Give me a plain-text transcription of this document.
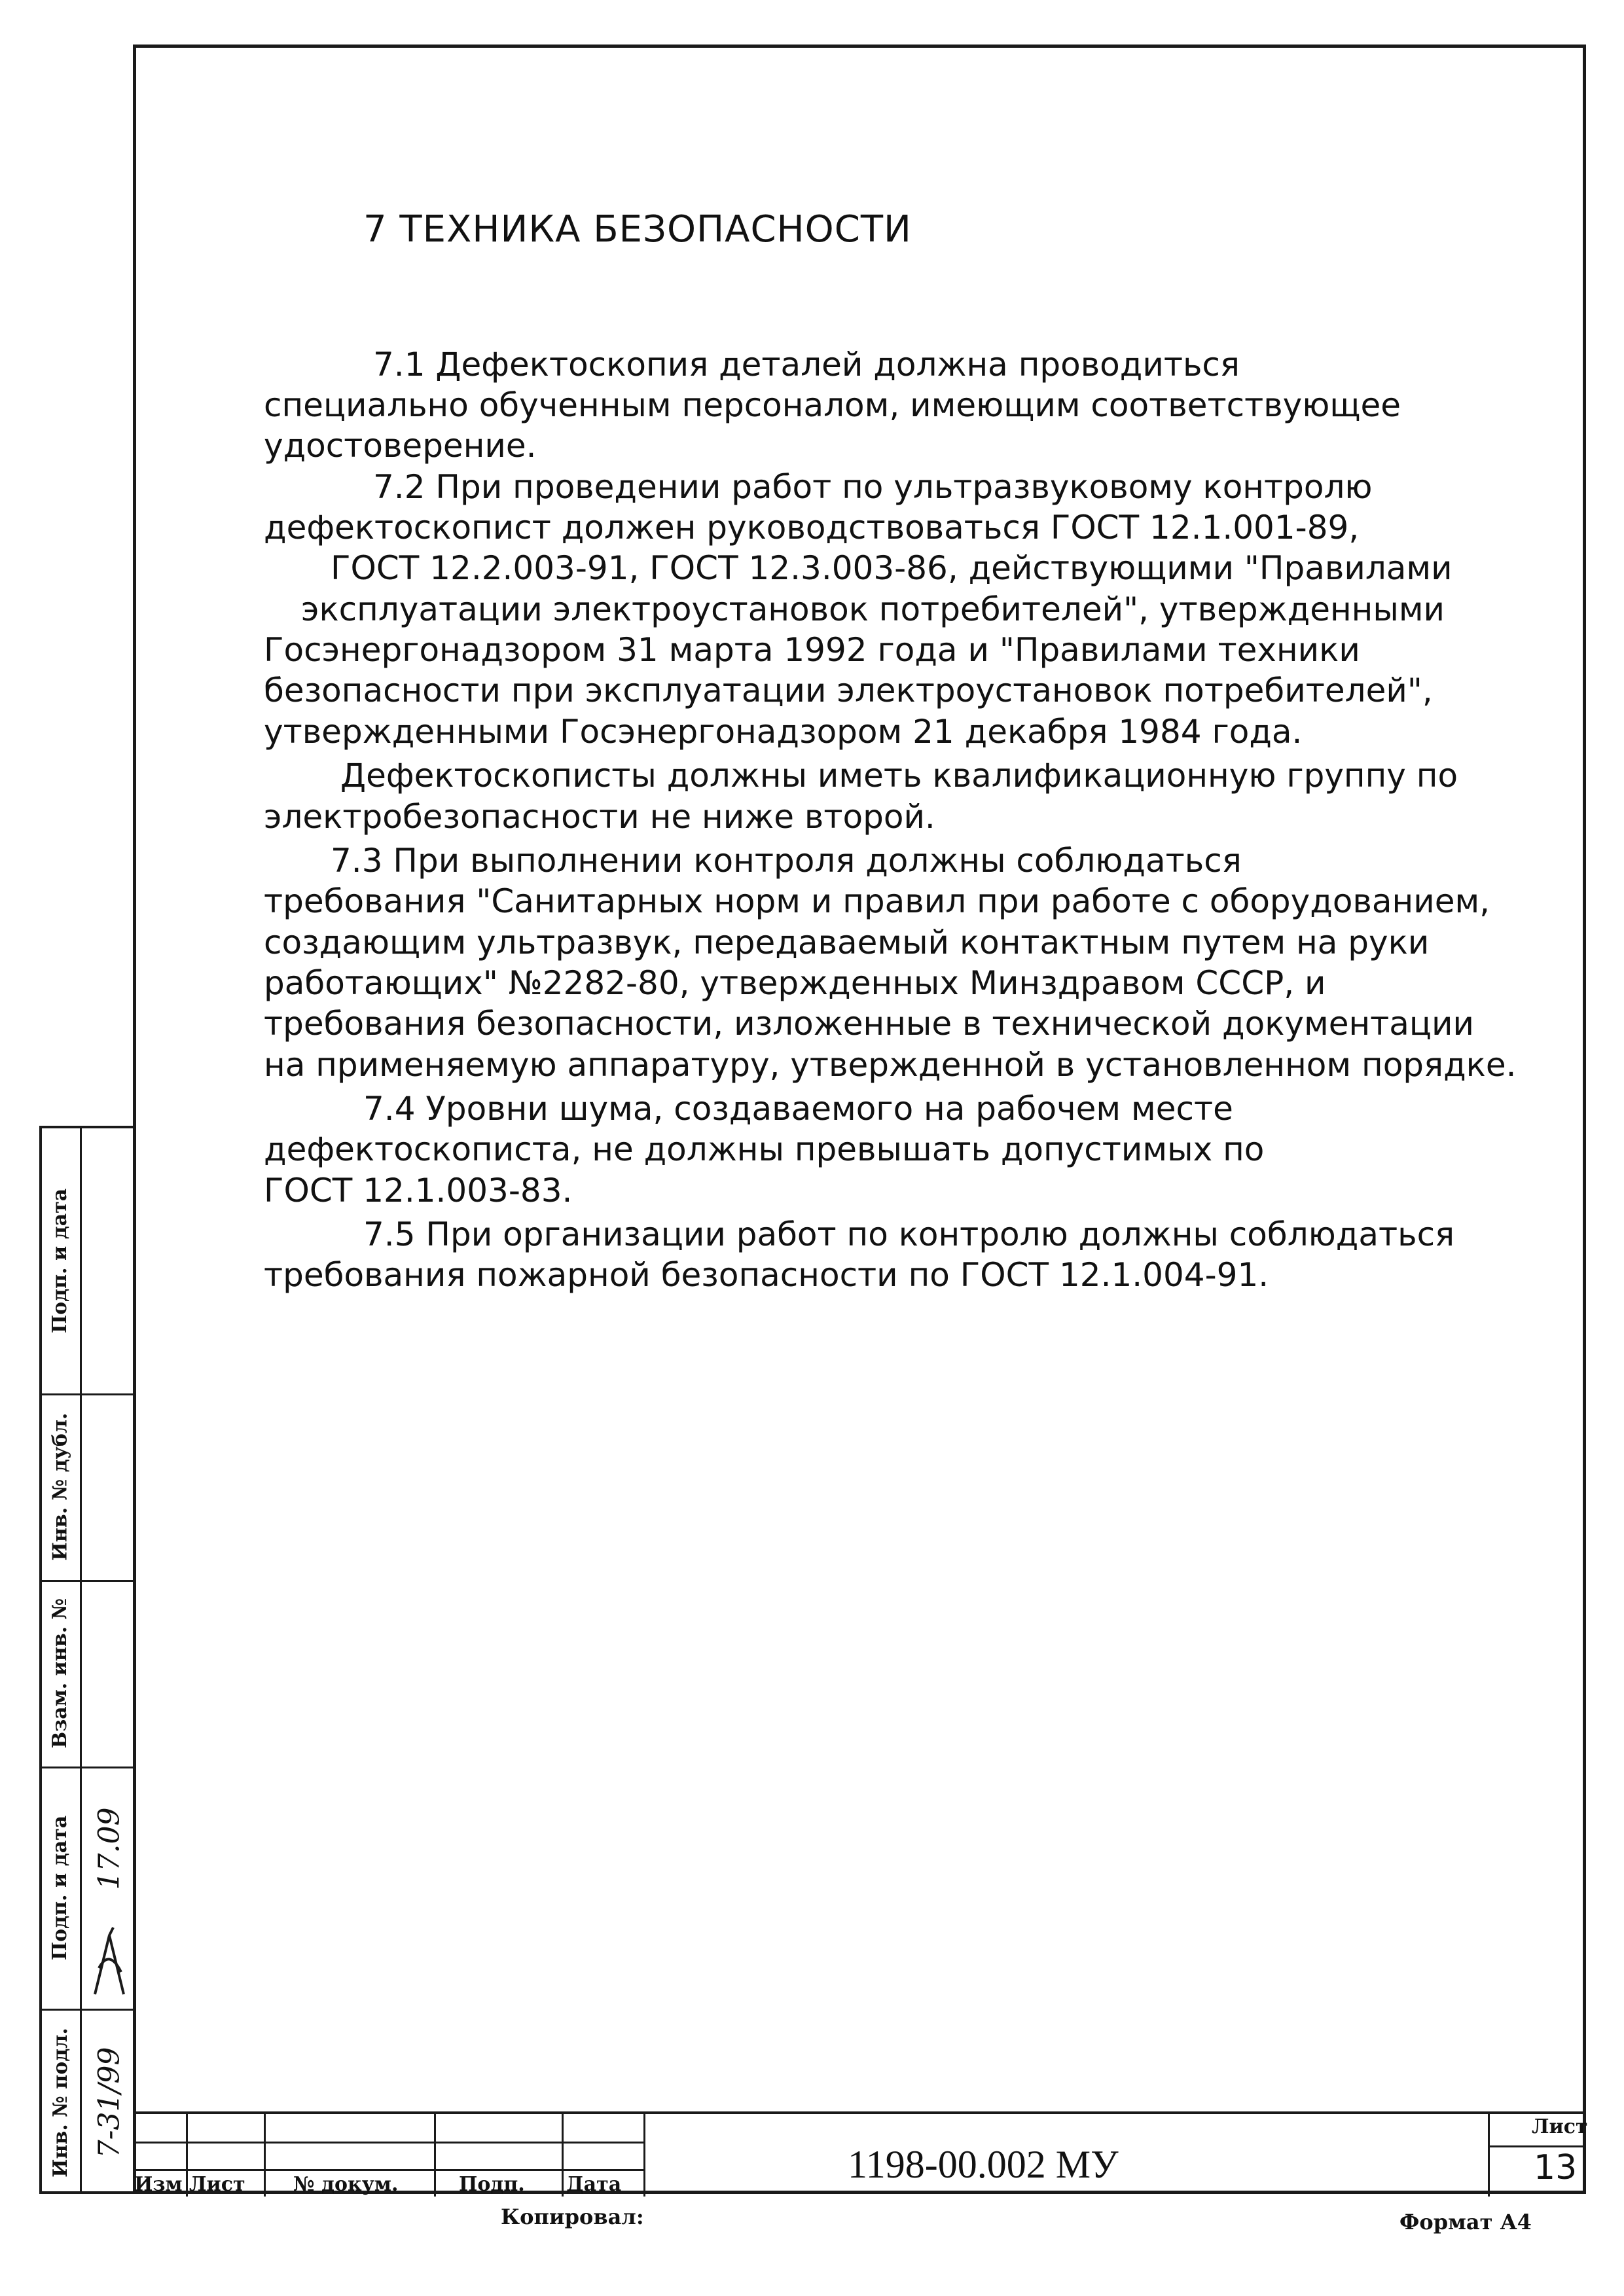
7 ТЕХНИКА БЕЗОПАСНОСТИ
7.1 Дефектоскопия деталей должна проводиться
специально обученным персоналом, имеющим соответствующее
удостоверение.
7.2 При проведении работ по ультразвуковому контролю
дефектоскопист должен руководствоваться ГОСТ 12.1.001-89,
ГОСТ 12.2.003-91, ГОСТ 12.3.003-86, действующими "Правилами
эксплуатации электроустановок потребителей", утвержденными
Госэнергонадзором 31 марта 1992 года и "Правилами техники
безопасности при эксплуатации электроустановок потребителей",
утвержденными Госэнергонадзором 21 декабря 1984 года.
Дефектоскописты должны иметь квалификационную группу по
электробезопасности не ниже второй.
7.3 При выполнении контроля должны соблюдаться
требования "Санитарных норм и правил при работе с оборудованием,
создающим ультразвук, передаваемый контактным путем на руки
работающих" №2282-80, утвержденных Минздравом СССР, и
требования безопасности, изложенные в технической документации
на применяемую аппаратуру, утвержденной в установленном порядке.
7.4 Уровни шума, создаваемого на рабочем месте
дефектоскописта, не должны превышать допустимых по
ГОСТ 12.1.003-83.
7.5 При организации работ по контролю должны соблюдаться
требования пожарной безопасности по ГОСТ 12.1.004-91.
Подп. и дата
Инв. № дубл.
Взам. инв. №
Подп. и дата
Инв. № подл.
17.09
7-31/99
Изм Лист № докум.	Подп. Дата	1198-00.002 МУ
Лист
13
Копировал:	Формат А4
